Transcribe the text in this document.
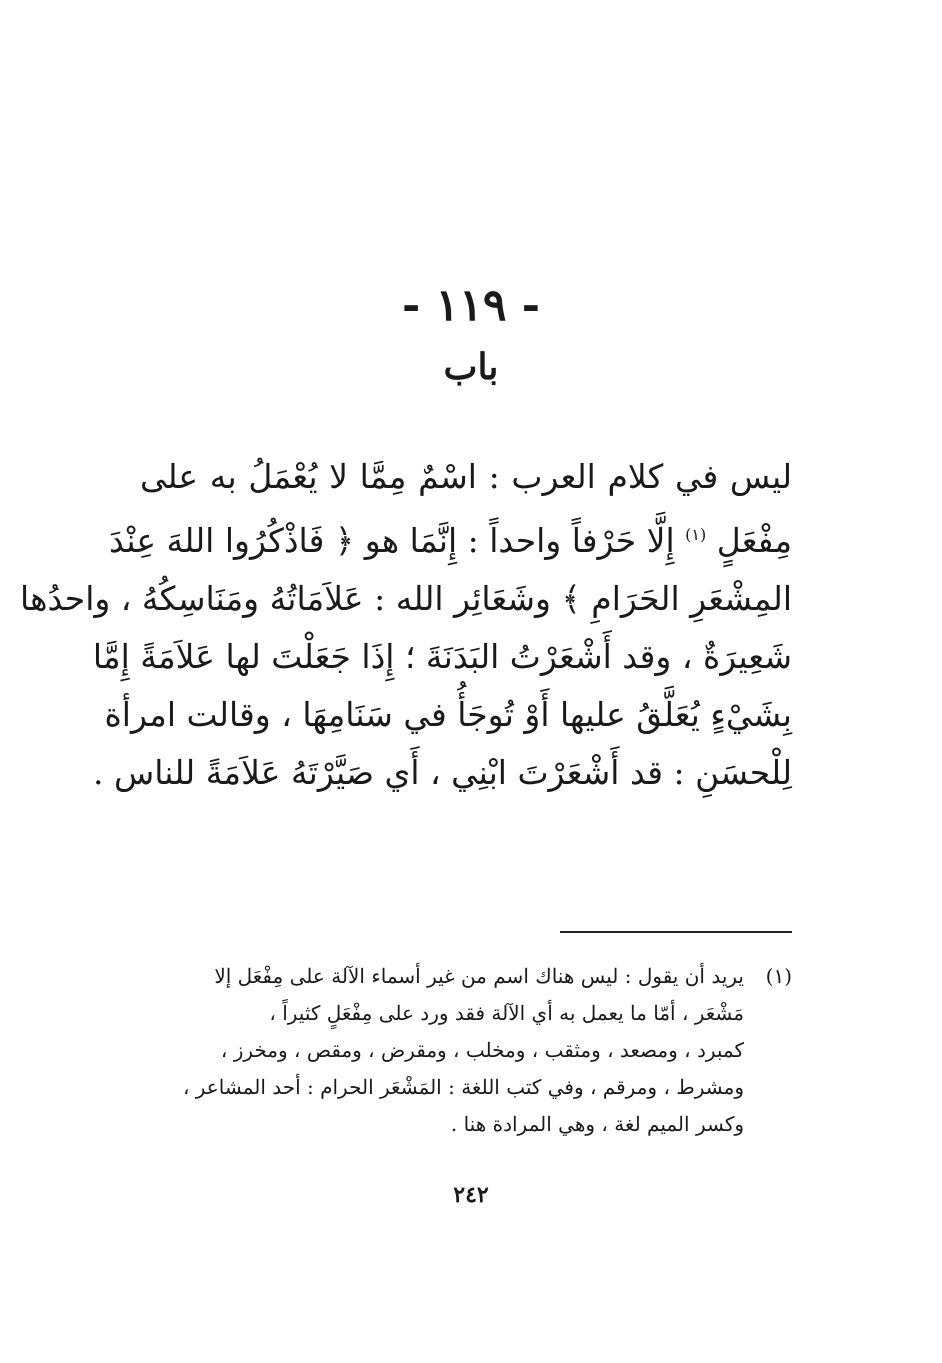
- ١١٩ -
باب
ليس في كلام العرب : اسْمٌ مِمَّا لا يُعْمَلُ به على
مِفْعَلٍ $^{(١)}$ إِلَّا حَرْفاً واحداً : إِنَّمَا هو ﴿ فَاذْكُرُوا اللهَ عِنْدَ
المِشْعَرِ الحَرَامِ ﴾ وشَعَائِر الله : عَلاَمَاتُهُ ومَنَاسِكُهُ ، واحدُها
شَعِيرَةٌ ، وقد أَشْعَرْتُ البَدَنَةَ ؛ إِذَا جَعَلْتَ لها عَلاَمَةً إِمَّا
بِشَيْءٍ يُعَلَّقُ عليها أَوْ تُوجَأُ في سَنَامِهَا ، وقالت امرأة
لِلْحسَنِ : قد أَشْعَرْتَ ابْنِي ، أَي صَيَّرْتَهُ عَلاَمَةً للناس .
(١)
يريد أن يقول : ليس هناك اسم من غير أسماء الآلة على مِفْعَل إلا
مَشْعَر ، أمّا ما يعمل به أي الآلة فقد ورد على مِفْعَلٍ كثيراً ،
كمبرد ، ومصعد ، ومثقب ، ومخلب ، ومقرض ، ومقص ، ومخرز ،
ومشرط ، ومرقم ، وفي كتب اللغة : المَشْعَر الحرام : أحد المشاعر ،
وكسر الميم لغة ، وهي المرادة هنا .
٢٤٢
